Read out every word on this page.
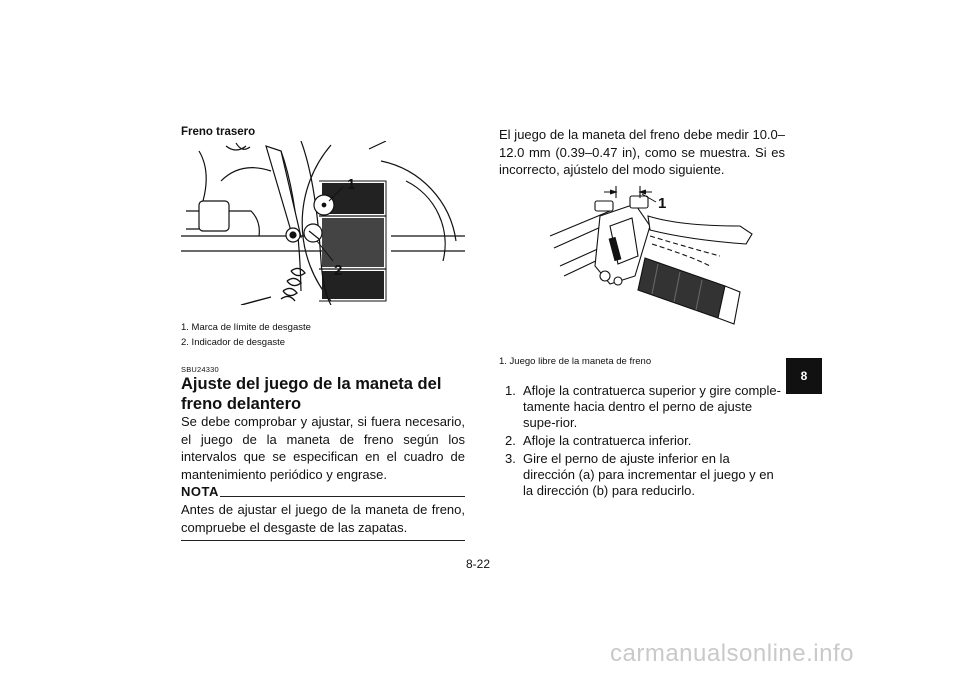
Freno trasero
1
2
1. Marca de límite de desgaste
2. Indicador de desgaste
SBU24330
Ajuste del juego de la maneta del freno delantero
Se debe comprobar y ajustar, si fuera necesario, el juego de la maneta de freno según los intervalos que se especifican en el cuadro de mantenimiento periódico y engrase.
NOTA
Antes de ajustar el juego de la maneta de freno, compruebe el desgaste de las zapatas.
El juego de la maneta del freno debe medir 10.0–12.0 mm (0.39–0.47 in), como se muestra. Si es incorrecto, ajústelo del modo siguiente.
1
1. Juego libre de la maneta de freno
1. Afloje la contratuerca superior y gire comple-tamente hacia dentro el perno de ajuste supe-rior.
2. Afloje la contratuerca inferior.
3. Gire el perno de ajuste inferior en la dirección (a) para incrementar el juego y en la dirección (b) para reducirlo.
8
8-22
carmanualsonline.info
